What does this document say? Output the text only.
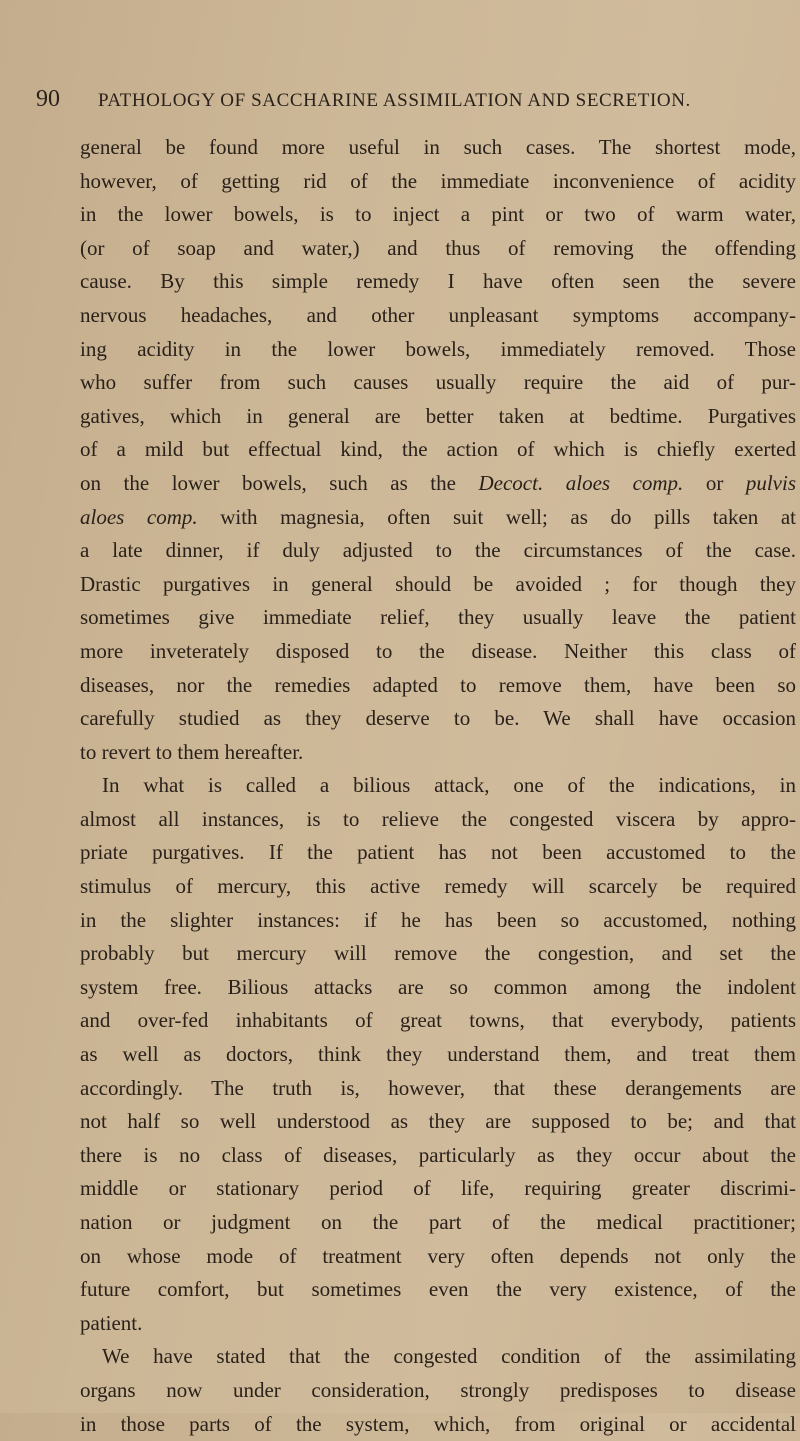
90 PATHOLOGY OF SACCHARINE ASSIMILATION AND SECRETION.
general be found more useful in such cases. The shortest mode,
however, of getting rid of the immediate inconvenience of acidity
in the lower bowels, is to inject a pint or two of warm water,
(or of soap and water,) and thus of removing the offending
cause. By this simple remedy I have often seen the severe
nervous headaches, and other unpleasant symptoms accompany-
ing acidity in the lower bowels, immediately removed. Those
who suffer from such causes usually require the aid of pur-
gatives, which in general are better taken at bedtime. Purgatives
of a mild but effectual kind, the action of which is chiefly exerted
on the lower bowels, such as the Decoct. aloes comp. or pulvis
aloes comp. with magnesia, often suit well; as do pills taken at
a late dinner, if duly adjusted to the circumstances of the case.
Drastic purgatives in general should be avoided ; for though they
sometimes give immediate relief, they usually leave the patient
more inveterately disposed to the disease. Neither this class of
diseases, nor the remedies adapted to remove them, have been so
carefully studied as they deserve to be. We shall have occasion
to revert to them hereafter.
In what is called a bilious attack, one of the indications, in
almost all instances, is to relieve the congested viscera by appro-
priate purgatives. If the patient has not been accustomed to the
stimulus of mercury, this active remedy will scarcely be required
in the slighter instances: if he has been so accustomed, nothing
probably but mercury will remove the congestion, and set the
system free. Bilious attacks are so common among the indolent
and over-fed inhabitants of great towns, that everybody, patients
as well as doctors, think they understand them, and treat them
accordingly. The truth is, however, that these derangements are
not half so well understood as they are supposed to be; and that
there is no class of diseases, particularly as they occur about the
middle or stationary period of life, requiring greater discrimi-
nation or judgment on the part of the medical practitioner;
on whose mode of treatment very often depends not only the
future comfort, but sometimes even the very existence, of the
patient.
We have stated that the congested condition of the assimilating
organs now under consideration, strongly predisposes to disease
in those parts of the system, which, from original or accidental
